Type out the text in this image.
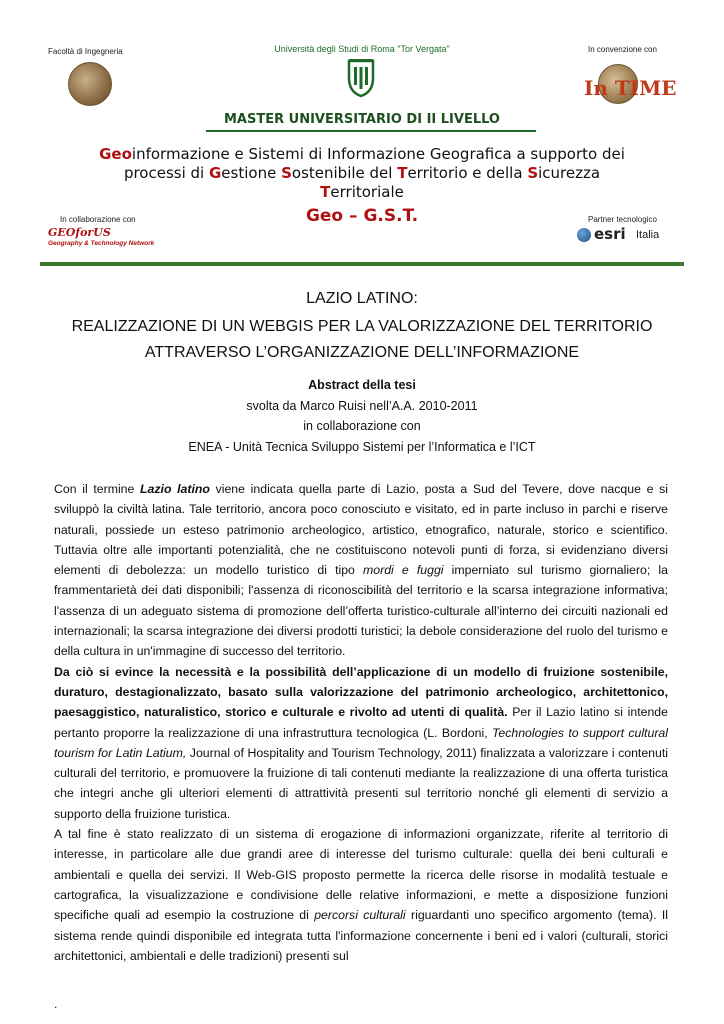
Facoltà di Ingegneria	Università degli Studi di Roma "Tor Vergata"	In convenzione con
In TIME
MASTER UNIVERSITARIO DI II LIVELLO
Geoinformazione e Sistemi di Informazione Geografica a supporto dei
processi di Gestione Sostenibile del Territorio e della Sicurezza
Territoriale
Geo – G.S.T.
In collaborazione con
GEOforUS
Geography & Technology Network
Partner tecnologico
esri Italia
LAZIO LATINO:
REALIZZAZIONE DI UN WEBGIS PER LA VALORIZZAZIONE DEL TERRITORIO
ATTRAVERSO L’ORGANIZZAZIONE DELL’INFORMAZIONE
Abstract della tesi
svolta da Marco Ruisi nell’A.A. 2010-2011
in collaborazione con
ENEA - Unità Tecnica Sviluppo Sistemi per l’Informatica e l’ICT

Con il termine Lazio latino viene indicata quella parte di Lazio, posta a Sud del Tevere, dove nacque e si sviluppò la civiltà latina. Tale territorio, ancora poco conosciuto e visitato, ed in parte incluso in parchi e riserve naturali, possiede un esteso patrimonio archeologico, artistico, etnografico, naturale, storico e scientifico. Tuttavia oltre alle importanti potenzialità, che ne costituiscono notevoli punti di forza, si evidenziano diversi elementi di debolezza: un modello turistico di tipo mordi e fuggi imperniato sul turismo giornaliero; la frammentarietà dei dati disponibili; l'assenza di riconoscibilità del territorio e la scarsa integrazione informativa; l'assenza di un adeguato sistema di promozione dell’offerta turistico-culturale all’interno dei circuiti nazionali ed internazionali; la scarsa integrazione dei diversi prodotti turistici; la debole considerazione del ruolo del turismo e della cultura in un'immagine di successo del territorio.

Da ciò si evince la necessità e la possibilità dell’applicazione di un modello di fruizione sostenibile, duraturo, destagionalizzato, basato sulla valorizzazione del patrimonio archeologico, architettonico, paesaggistico, naturalistico, storico e culturale e rivolto ad utenti di qualità. Per il Lazio latino si intende pertanto proporre la realizzazione di una infrastruttura tecnologica (L. Bordoni, Technologies to support cultural tourism for Latin Latium, Journal of Hospitality and Tourism Technology, 2011) finalizzata a valorizzare i contenuti culturali del territorio, e promuovere la fruizione di tali contenuti mediante la realizzazione di una offerta turistica che integri anche gli ulteriori elementi di attrattività presenti sul territorio nonché gli elementi di servizio a supporto della fruizione turistica.

A tal fine è stato realizzato di un sistema di erogazione di informazioni organizzate, riferite al territorio di interesse, in particolare alle due grandi aree di interesse del turismo culturale: quella dei beni culturali e ambientali e quella dei servizi. Il Web-GIS proposto permette la ricerca delle risorse in modalità testuale e cartografica, la visualizzazione e condivisione delle relative informazioni, e mette a disposizione funzioni specifiche quali ad esempio la costruzione di percorsi culturali riguardanti uno specifico argomento (tema). Il sistema rende quindi disponibile ed integrata tutta l'informazione concernente i beni ed i valori (culturali, storici architettonici, ambientali e delle tradizioni) presenti sul

.
